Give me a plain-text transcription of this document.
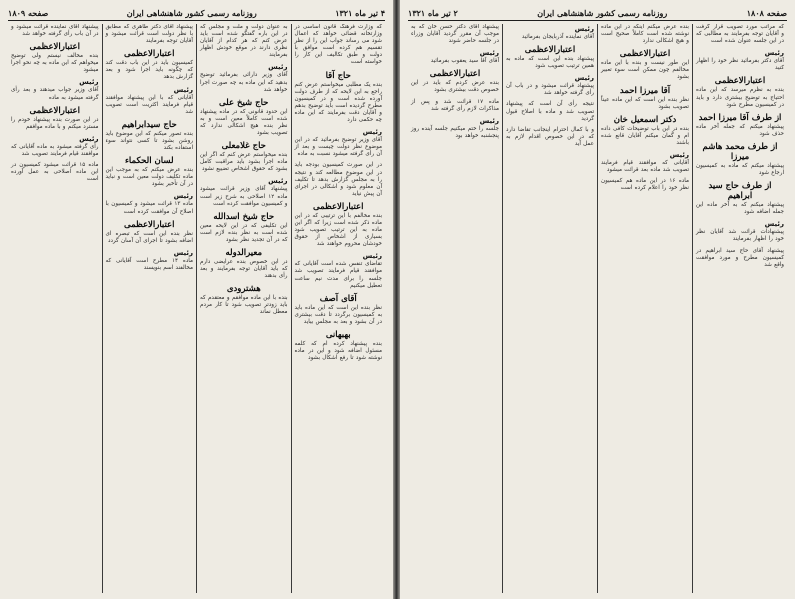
۴ تیر ماه ۱۳۲۱
روزنامه رسمی کشور شاهنشاهی ایران
صفحه ۱۸۰۹

که وزارت فرهنگ قانون اساسی در وزارتخانه قضائی خواهد که اعمال شود می رساند جواب این را از نظر تقسیم هم کرده است موافق با دولت و طبق تکالیف این کار را خواسته است

حاج آقا

بنده یک مطلبی میخواستم عرض کنم راجع به این لایحه که از طرف دولت آورده شده است و در کمیسیون مطرح گردیده است باید توضیح بدهم و آقایان دقت بفرمایند که این ماده چه حکمی دارد

رئیس

آقای وزیر توضیح بفرمائید که در این موضوع نظر دولت چیست و بعد از آن رأی گرفته میشود نسبت به ماده

در این صورت کمیسیون بودجه باید در این موضوع مطالعه کند و نتیجه را به مجلس گزارش بدهد تا تکلیف آن معلوم شود و اشکالی در اجرای آن پیش نیاید

اعتبارالاعظمی

بنده مخالفم با این ترتیبی که در این ماده ذکر شده است زیرا که اگر این ماده به این ترتیب تصویب شود بسیاری از اشخاص از حقوق خودشان محروم خواهند شد

رئیس

تقاضای تنفس شده است آقایانی که موافقند قیام فرمایند تصویب شد جلسه را برای مدت نیم ساعت تعطیل میکنیم

آقای آصف

نظر بنده این است که این ماده باید به کمیسیون برگردد تا دقت بیشتری در آن بشود و بعد به مجلس بیاید

بهبهانی

بنده پیشنهاد کرده ام که کلمه مسئول اضافه شود و این در ماده نوشته شود تا رفع اشکال بشود

به عنوان دولت و ملت و مجلس که در این باره گفتگو شده است باید عرض کنم که هر کدام از آقایان نظری دارند در موقع خودش اظهار بفرمایند

رئیس

آقای وزیر دارائی بفرمائید توضیح بدهید که این ماده به چه صورت اجرا خواهد شد

حاج شیخ علی

این حدود قانونی که در ماده پیشنهاد شده است کاملاً معین است و به نظر بنده هیچ اشکالی ندارد که تصویب بشود

حاج غلامعلی

بنده میخواستم عرض کنم که اگر این ماده اجرا بشود باید مراقبت کامل بشود که حقوق اشخاص تضییع نشود

رئیس

پیشنهاد آقای وزیر قرائت میشود ماده ۱۲ اصلاحی به شرح زیر است و کمیسیون موافقت کرده است

حاج شیخ اسدالله

این تکلیفی که در این لایحه معین شده است به نظر بنده لازم است که در آن تجدید نظر بشود

معیرالدوله

در این خصوص بنده عرایضی دارم که باید آقایان توجه بفرمایند و بعد رأی بدهند

هشترودی

بنده با این ماده موافقم و معتقدم که باید زودتر تصویب شود تا کار مردم معطل نماند

پیشنهاد آقای دکتر طاهری که مطابق با نظر دولت است قرائت میشود و آقایان توجه بفرمایند

اعتبارالاعظمی

کمیسیون باید در این باب دقت کند که چگونه باید اجرا شود و بعد گزارش بدهد

رئیس

آقایانی که با این پیشنهاد موافقند قیام فرمایند اکثریت است تصویب شد

حاج سیدابراهیم

بنده تصور میکنم که این موضوع باید روشن بشود تا کسی نتواند سوء استفاده بکند

لسان الحکماء

بنده عرض میکنم که به موجب این ماده تکلیف دولت معین است و نباید در آن تأخیر بشود

رئیس

ماده ۱۳ قرائت میشود و کمیسیون با اصلاح آن موافقت کرده است

اعتبارالاعظمی

نظر بنده این است که تبصره ای اضافه بشود تا اجرای آن آسان گردد

رئیس

ماده ۱۴ مطرح است آقایانی که مخالفند اسم بنویسند

پیشنهاد آقای نماینده قرائت میشود و در آن باب رأی گرفته خواهد شد

اعتبارالاعظمی

بنده مخالف نیستم ولی توضیح میخواهم که این ماده به چه نحو اجرا میشود

رئیس

آقای وزیر جواب میدهند و بعد رأی گرفته میشود به ماده

اعتبارالاعظمی

در این صورت بنده پیشنهاد خودم را مسترد میکنم و با ماده موافقم

رئیس

رأی گرفته میشود به ماده آقایانی که موافقند قیام فرمایند تصویب شد

ماده ۱۵ قرائت میشود کمیسیون در این ماده اصلاحی به عمل آورده است

صفحه ۱۸۰۸
روزنامه رسمی کشور شاهنشاهی ایران
۲ تیر ماه ۱۳۲۱

که مراتب مورد تصویب قرار گرفت و آقایان توجه بفرمایند به مطالبی که در این جلسه عنوان شده است

رئیس

آقای دکتر بفرمائید نظر خود را اظهار کنید

اعتبارالاعظمی

بنده به نظرم میرسد که این ماده احتیاج به توضیح بیشتری دارد و باید در کمیسیون مطرح شود

از طرف آقا میرزا احمد

پیشنهاد میکنم که جمله آخر ماده حذف شود

از طرف محمد هاشم میرزا

پیشنهاد میکنم که ماده به کمیسیون ارجاع شود

از طرف حاج سید ابراهیم

پیشنهاد میکنم که به آخر ماده این جمله اضافه شود

رئیس

پیشنهادات قرائت شد آقایان نظر خود را اظهار بفرمایند

پیشنهاد آقای حاج سید ابراهیم در کمیسیون مطرح و مورد موافقت واقع شد

بنده عرض میکنم اینکه در این ماده نوشته شده است کاملاً صحیح است و هیچ اشکالی ندارد

اعتبارالاعظمی

این طور نیست و بنده با این ماده مخالفم چون ممکن است سوء تعبیر بشود

آقا میرزا احمد

نظر بنده این است که این ماده عیناً تصویب بشود

دکتر اسمعیل خان

بنده در این باب توضیحات کافی داده ام و گمان میکنم آقایان قانع شده باشند

رئیس

آقایانی که موافقند قیام فرمایند تصویب شد ماده بعد قرائت میشود

ماده ۱۶ در این ماده هم کمیسیون نظر خود را اعلام کرده است

رئیس

آقای نماینده آذربایجان بفرمائید

اعتبارالاعظمی

پیشنهاد بنده این است که ماده به همین ترتیب تصویب شود

رئیس

پیشنهاد قرائت میشود و در باب آن رأی گرفته خواهد شد

نتیجه رأی آن است که پیشنهاد تصویب شد و ماده با اصلاح قبول گردید

و با کمال احترام اینجانب تقاضا دارد که در این خصوص اقدام لازم به عمل آید

پیشنهاد آقای دکتر حسن خان که به موجب آن مقرر گردید آقایان وزراء در جلسه حاضر شوند

رئیس

آقای آقا سید یعقوب بفرمائید

اعتبارالاعظمی

بنده عرض کردم که باید در این خصوص دقت بیشتری بشود

ماده ۱۷ قرائت شد و پس از مذاکرات لازم رأی گرفته شد

رئیس

جلسه را ختم میکنیم جلسه آینده روز پنجشنبه خواهد بود
